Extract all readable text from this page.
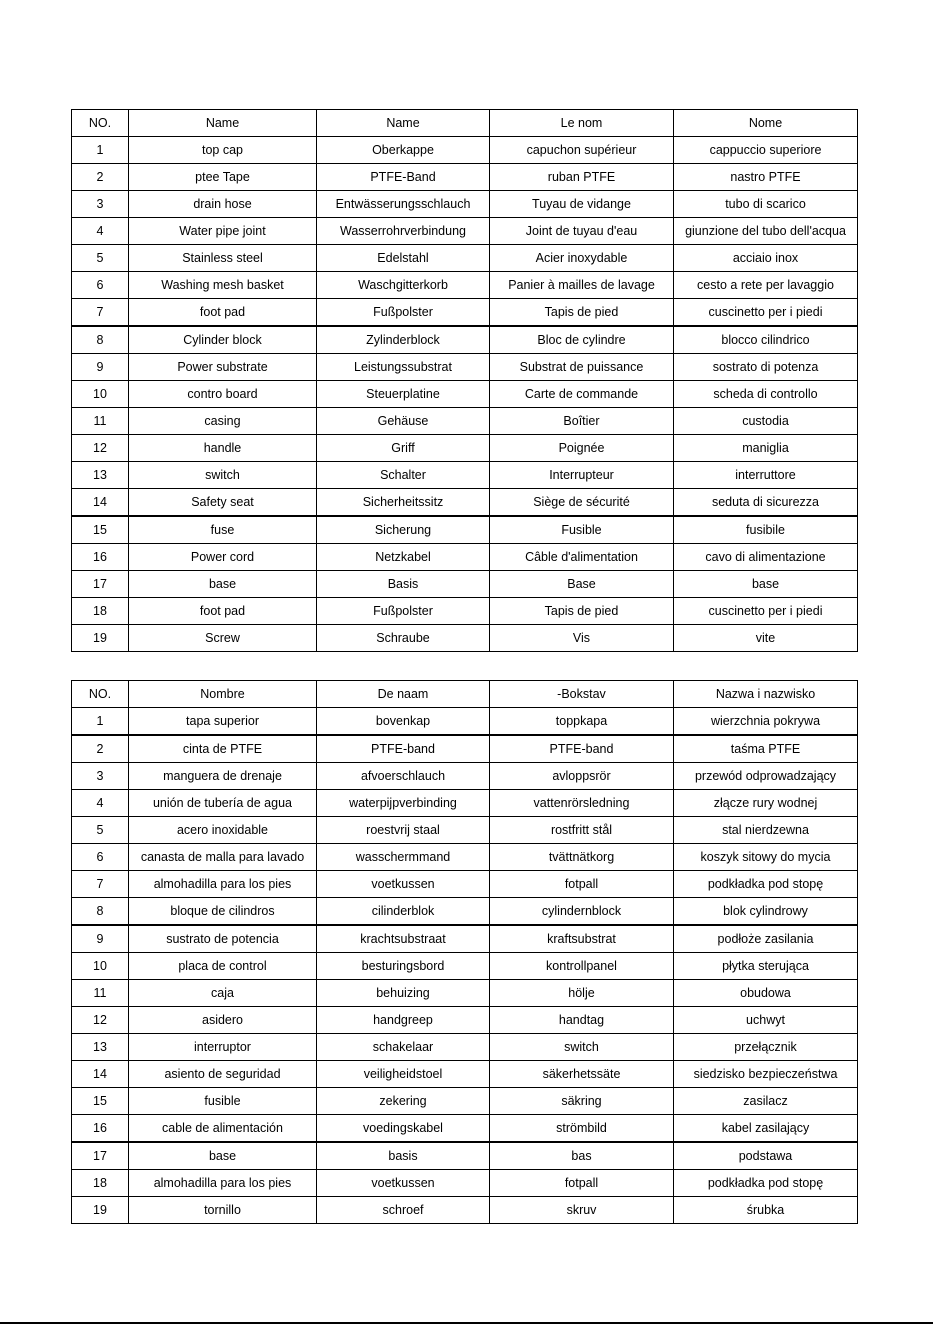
NO.	Name	Name	Le nom	Nome
1	top cap	Oberkappe	capuchon supérieur	cappuccio superiore
2	ptee Tape	PTFE-Band	ruban PTFE	nastro PTFE
3	drain hose	Entwässerungsschlauch	Tuyau de vidange	tubo di scarico
4	Water pipe joint	Wasserrohrverbindung	Joint de tuyau d'eau	giunzione del tubo dell'acqua
5	Stainless steel	Edelstahl	Acier inoxydable	acciaio inox
6	Washing mesh basket	Waschgitterkorb	Panier à mailles de lavage	cesto a rete per lavaggio
7	foot pad	Fußpolster	Tapis de pied	cuscinetto per i piedi
8	Cylinder block	Zylinderblock	Bloc de cylindre	blocco cilindrico
9	Power substrate	Leistungssubstrat	Substrat de puissance	sostrato di potenza
10	contro board	Steuerplatine	Carte de commande	scheda di controllo
11	casing	Gehäuse	Boîtier	custodia
12	handle	Griff	Poignée	maniglia
13	switch	Schalter	Interrupteur	interruttore
14	Safety seat	Sicherheitssitz	Siège de sécurité	seduta di sicurezza
15	fuse	Sicherung	Fusible	fusibile
16	Power cord	Netzkabel	Câble d'alimentation	cavo di alimentazione
17	base	Basis	Base	base
18	foot pad	Fußpolster	Tapis de pied	cuscinetto per i piedi
19	Screw	Schraube	Vis	vite
NO.	Nombre	De naam	-Bokstav	Nazwa i nazwisko
1	tapa superior	bovenkap	toppkapa	wierzchnia pokrywa
2	cinta de PTFE	PTFE-band	PTFE-band	taśma PTFE
3	manguera de drenaje	afvoerschlauch	avloppsrör	przewód odprowadzający
4	unión de tubería de agua	waterpijpverbinding	vattenrörsledning	złącze rury wodnej
5	acero inoxidable	roestvrij staal	rostfritt stål	stal nierdzewna
6	canasta de malla para lavado	wasschermmand	tvättnätkorg	koszyk sitowy do mycia
7	almohadilla para los pies	voetkussen	fotpall	podkładka pod stopę
8	bloque de cilindros	cilinderblok	cylindernblock	blok cylindrowy
9	sustrato de potencia	krachtsubstraat	kraftsubstrat	podłoże zasilania
10	placa de control	besturingsbord	kontrollpanel	płytka sterująca
11	caja	behuizing	hölje	obudowa
12	asidero	handgreep	handtag	uchwyt
13	interruptor	schakelaar	switch	przełącznik
14	asiento de seguridad	veiligheidstoel	säkerhetssäte	siedzisko bezpieczeństwa
15	fusible	zekering	säkring	zasilacz
16	cable de alimentación	voedingskabel	strömbild	kabel zasilający
17	base	basis	bas	podstawa
18	almohadilla para los pies	voetkussen	fotpall	podkładka pod stopę
19	tornillo	schroef	skruv	śrubka
